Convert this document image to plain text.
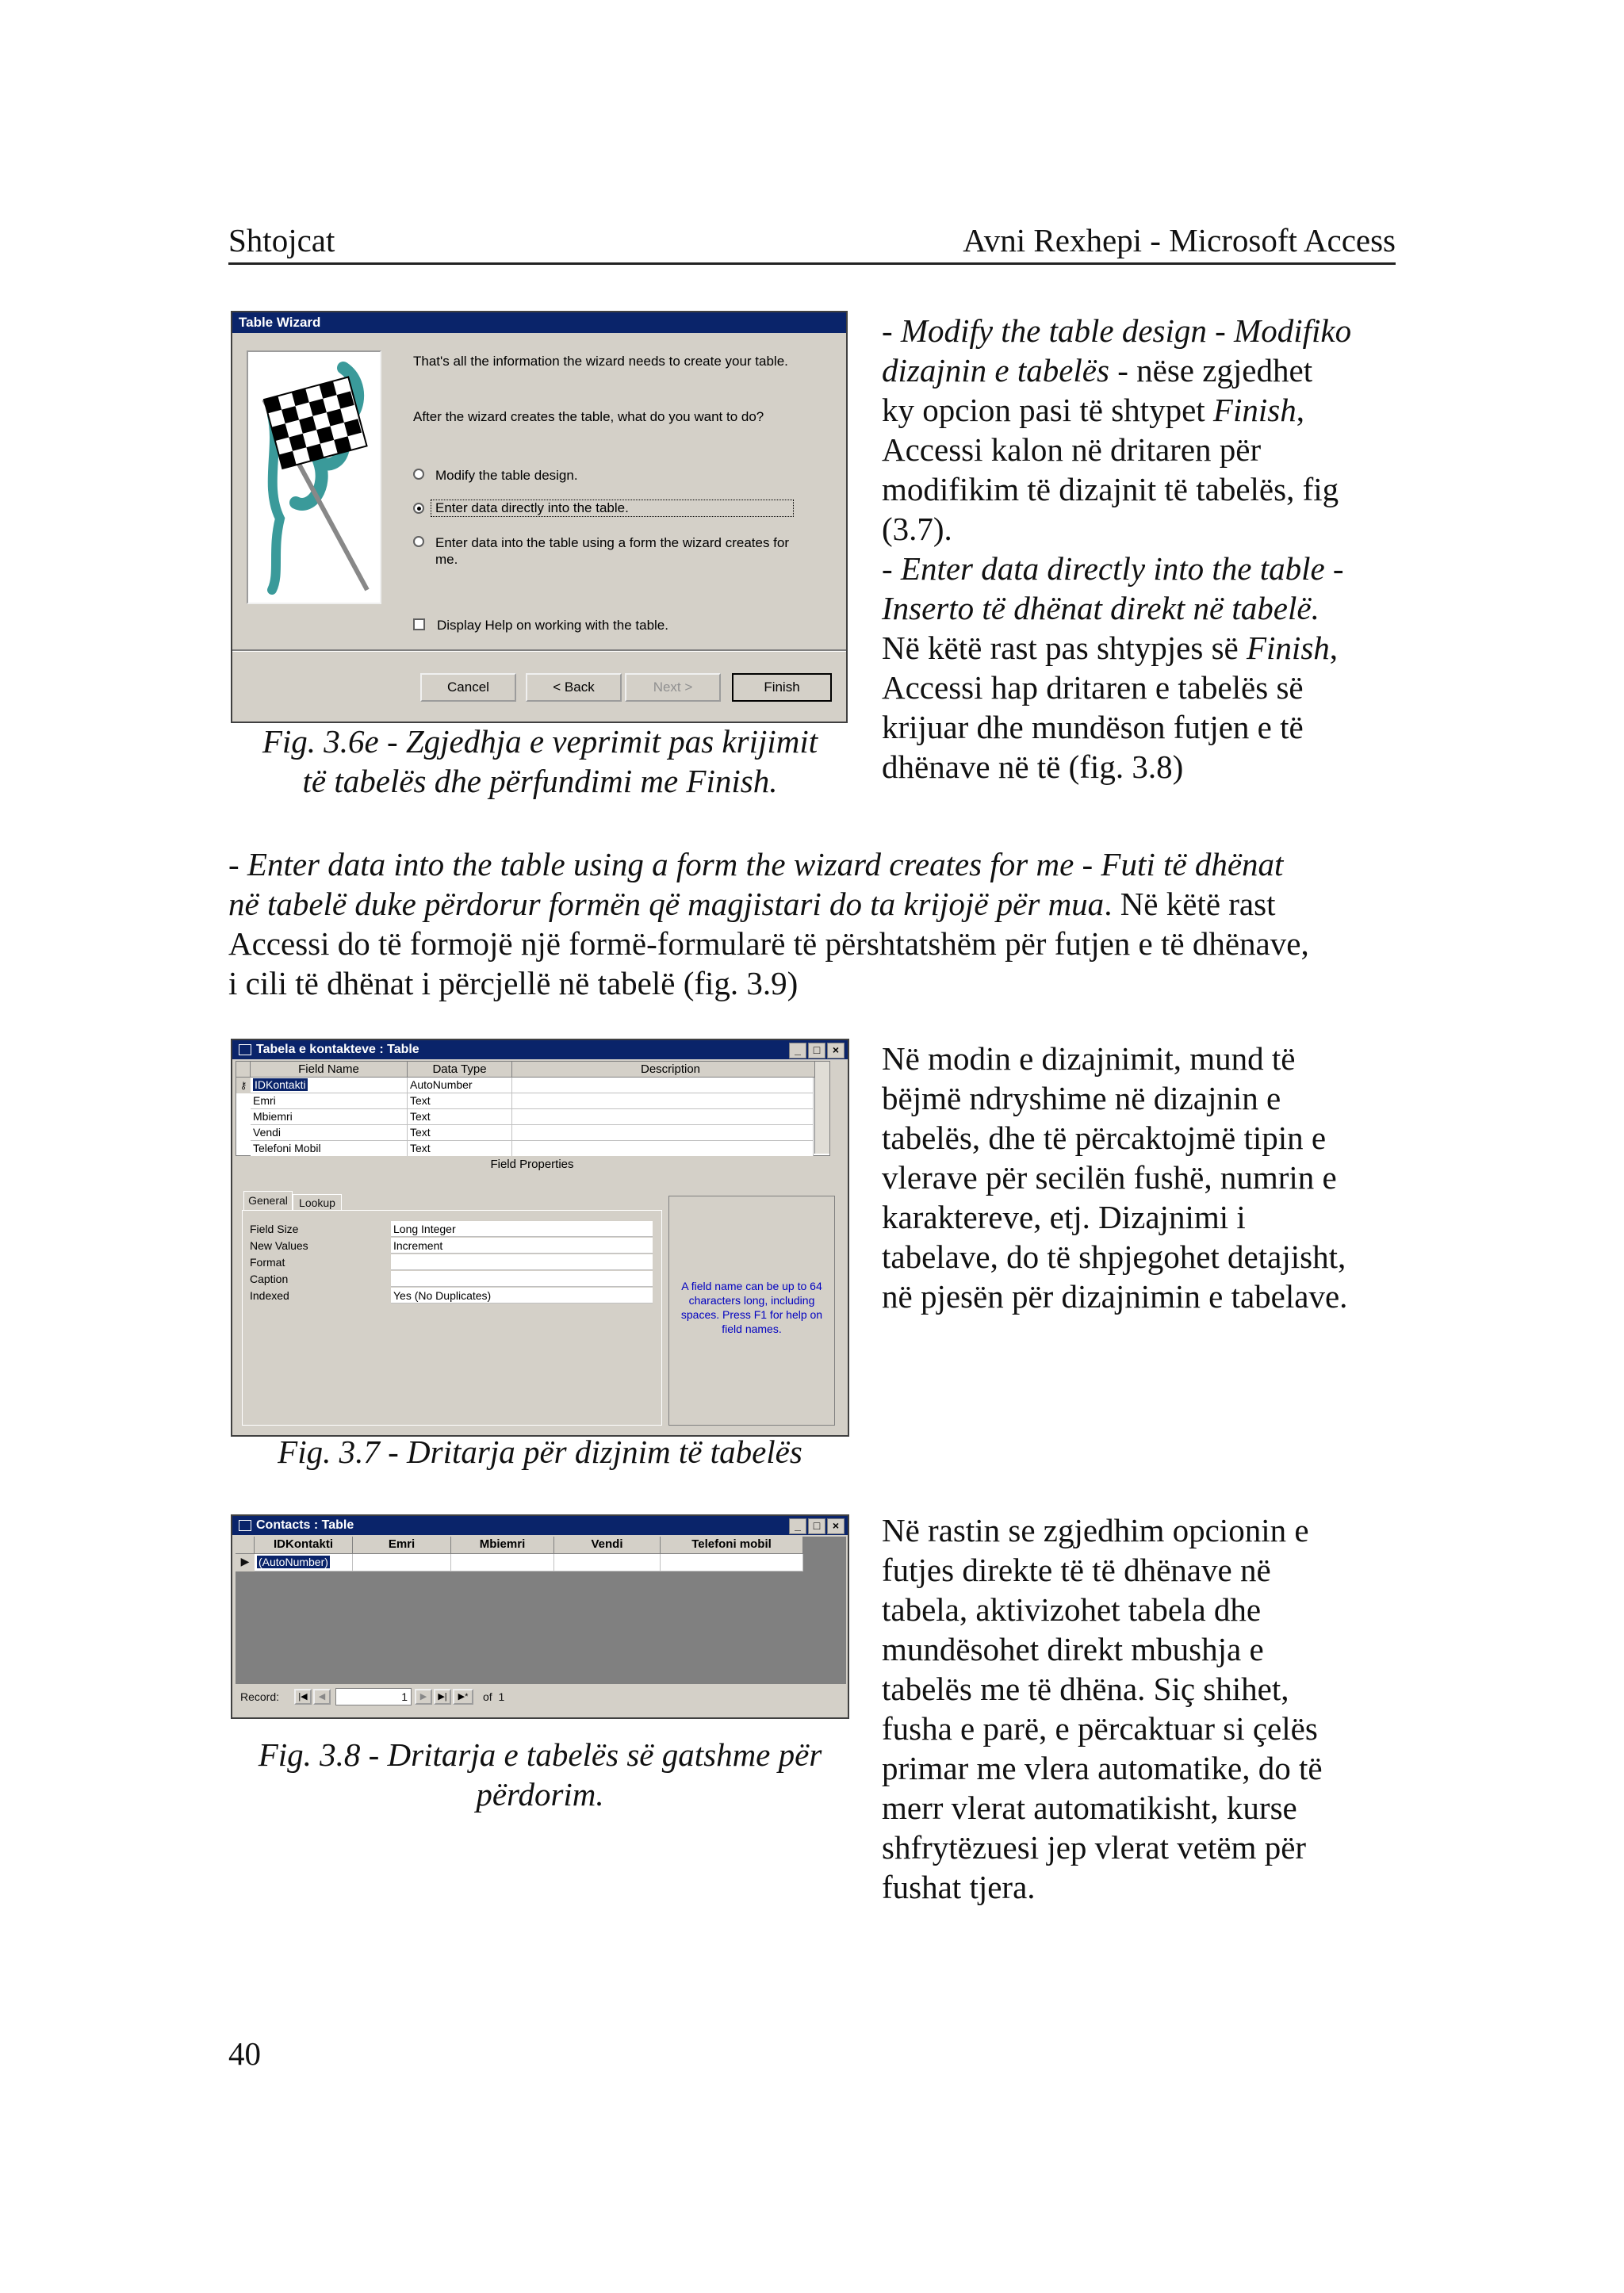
Shtojcat	Avni Rexhepi - Microsoft Access
Table Wizard
That's all the information the wizard needs to create your table.
After the wizard creates the table, what do you want to do?
Modify the table design.
Enter data directly into the table.
Enter data into the table using a form the wizard creates for me.
Display Help on working with the table.
Cancel	< Back	Next >	Finish
Fig. 3.6e - Zgjedhja e veprimit pas krijimit
të tabelës dhe përfundimi me Finish.
- Modify the table design - Modifiko
dizajnin e tabelës - nëse zgjedhet
ky opcion pasi të shtypet Finish,
Accessi kalon në dritaren për
modifikim të dizajnit të tabelës, fig
(3.7).
- Enter data directly into the table -
Inserto të dhënat direkt në tabelë.
Në këtë rast pas shtypjes së Finish,
Accessi hap dritaren e tabelës së
krijuar dhe mundëson futjen e të
dhënave në të (fig. 3.8)
- Enter data into the table using a form the wizard creates for me - Futi të dhënat
në tabelë duke përdorur formën që magjistari do ta krijojë për mua. Në këtë rast
Accessi do të formojë një formë-formularë të përshtatshëm për futjen e të dhënave,
i cili të dhënat i përcjellë në tabelë (fig. 3.9)
Tabela e kontakteve : Table	_ □ ×
Field Name	Data Type	Description
⚷ IDKontakti	AutoNumber
Emri	Text
Mbiemri	Text
Vendi	Text
Telefoni Mobil	Text
Field Properties
General	Lookup
Field Size	Long Integer
New Values	Increment
Format
Caption
Indexed	Yes (No Duplicates)
A field name can be up to 64 characters long, including spaces. Press F1 for help on field names.
Fig. 3.7 - Dritarja për dizjnim të tabelës
Në modin e dizajnimit, mund të
bëjmë ndryshime në dizajnin e
tabelës, dhe të përcaktojmë tipin e
vlerave për secilën fushë, numrin e
karaktereve, etj. Dizajnimi i
tabelave, do të shpjegohet detajisht,
në pjesën për dizajnimin e tabelave.
Contacts : Table	_ □ ×
IDKontakti	Emri	Mbiemri	Vendi	Telefoni mobil
▶ (AutoNumber)
Record:	|◀	◀	1	▶	▶|	▶*	of  1
Fig. 3.8 - Dritarja e tabelës së gatshme për
përdorim.
Në rastin se zgjedhim opcionin e
futjes direkte të të dhënave në
tabela, aktivizohet tabela dhe
mundësohet direkt mbushja e
tabelës me të dhëna. Siç shihet,
fusha e parë, e përcaktuar si çelës
primar me vlera automatike, do të
merr vlerat automatikisht, kurse
shfrytëzuesi jep vlerat vetëm për
fushat tjera.
40
